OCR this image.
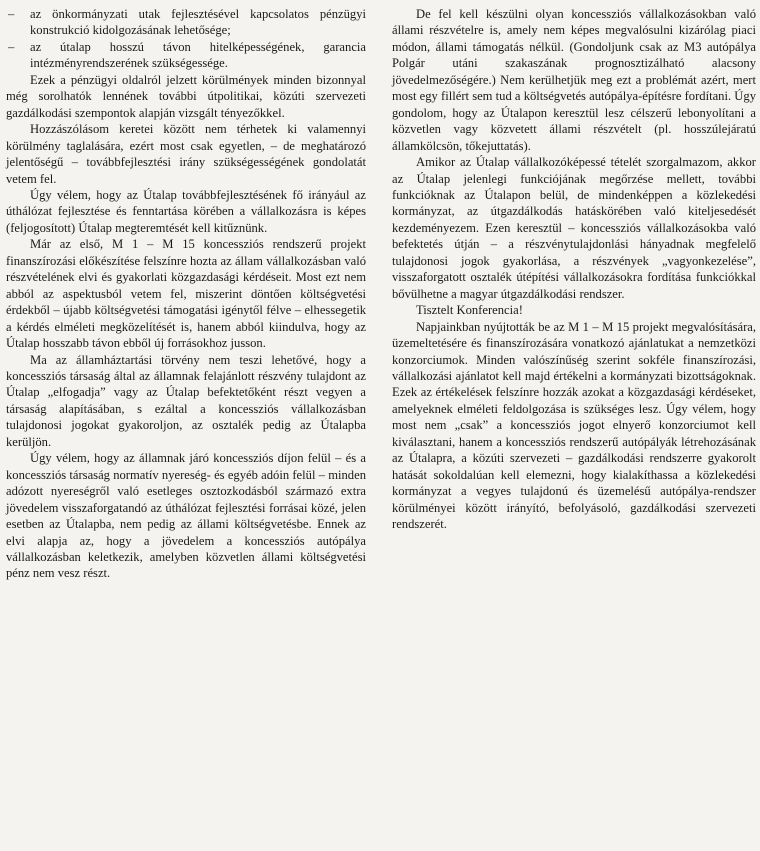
– az önkormányzati utak fejlesztésével kapcsolatos pénzügyi konstrukció kidolgozásának lehetősége;

– az útalap hosszú távon hitelképességének, garancia intézményrendszerének szükségessége.

Ezek a pénzügyi oldalról jelzett körülmények minden bizonnyal még sorolhatók lennének további útpolitikai, közúti szervezeti gazdálkodási szempontok alapján vizsgált tényezőkkel.

Hozzászólásom keretei között nem térhetek ki valamennyi körülmény taglalására, ezért most csak egyetlen, – de meghatározó jelentőségű – továbbfejlesztési irány szükségességének gondolatát vetem fel.

Úgy vélem, hogy az Útalap továbbfejlesztésének fő irányául az úthálózat fejlesztése és fenntartása körében a vállalkozásra is képes (feljogosított) Útalap megteremtését kell kitűznünk.

Már az első, M 1 – M 15 koncessziós rendszerű projekt finanszírozási előkészítése felszínre hozta az állam vállalkozásban való részvételének elvi és gyakorlati közgazdasági kérdéseit. Most ezt nem abból az aspektusból vetem fel, miszerint döntően költségvetési érdekből – újabb költségvetési támogatási igénytől félve – elhessegetik a kérdés elméleti megközelítését is, hanem abból kiindulva, hogy az Útalap hosszabb távon ebből új forrásokhoz jusson.

Ma az államháztartási törvény nem teszi lehetővé, hogy a koncessziós társaság által az államnak felajánlott részvény tulajdont az Útalap „elfogadja” vagy az Útalap befektetőként részt vegyen a társaság alapításában, s ezáltal a koncessziós vállalkozásban tulajdonosi jogokat gyakoroljon, az osztalék pedig az Útalapba kerüljön.

Úgy vélem, hogy az államnak járó koncessziós díjon felül – és a koncessziós társaság normatív nyereség- és egyéb adóin felül – minden adózott nyereségről való esetleges osztozkodásból származó extra jövedelem visszaforgatandó az úthálózat fejlesztési forrásai közé, jelen esetben az Útalapba, nem pedig az állami költségvetésbe. Ennek az elvi alapja az, hogy a jövedelem a koncessziós autópálya vállalkozásban keletkezik, amelyben közvetlen állami költségvetési pénz nem vesz részt.

De fel kell készülni olyan koncessziós vállalkozásokban való állami részvételre is, amely nem képes megvalósulni kizárólag piaci módon, állami támogatás nélkül. (Gondoljunk csak az M3 autópálya Polgár utáni szakaszának prognosztizálható alacsony jövedelmezőségére.) Nem kerülhetjük meg ezt a problémát azért, mert most egy fillért sem tud a költségvetés autópálya-építésre fordítani. Úgy gondolom, hogy az Útalapon keresztül lesz célszerű lebonyolítani a közvetlen vagy közvetett állami részvételt (pl. hosszúlejáratú államkölcsön, tőkejuttatás).

Amikor az Útalap vállalkozóképessé tételét szorgalmazom, akkor az Útalap jelenlegi funkciójának megőrzése mellett, további funkcióknak az Útalapon belül, de mindenképpen a közlekedési kormányzat, az útgazdálkodás hatáskörében való kiteljesedését kezdeményezem. Ezen keresztül – koncessziós vállalkozásokba való befektetés útján – a részvénytulajdonlási hányadnak megfelelő tulajdonosi jogok gyakorlása, a részvények „vagyonkezelése”, visszaforgatott osztalék útépítési vállalkozásokra fordítása funkciókkal bővülhetne a magyar útgazdálkodási rendszer.

Tisztelt Konferencia!

Napjainkban nyújtották be az M 1 – M 15 projekt megvalósítására, üzemeltetésére és finanszírozására vonatkozó ajánlatukat a nemzetközi konzorciumok. Minden valószínűség szerint sokféle finanszírozási, vállalkozási ajánlatot kell majd értékelni a kormányzati bizottságoknak. Ezek az értékelések felszínre hozzák azokat a közgazdasági kérdéseket, amelyeknek elméleti feldolgozása is szükséges lesz. Úgy vélem, hogy most nem „csak” a koncessziós jogot elnyerő konzorciumot kell kiválasztani, hanem a koncessziós rendszerű autópályák létrehozásának az Útalapra, a közúti szervezeti – gazdálkodási rendszerre gyakorolt hatását sokoldalúan kell elemezni, hogy kialakíthassa a közlekedési kormányzat a vegyes tulajdonú és üzemelésű autópálya-rendszer körülményei között irányító, befolyásoló, gazdálkodási szervezeti rendszerét.
